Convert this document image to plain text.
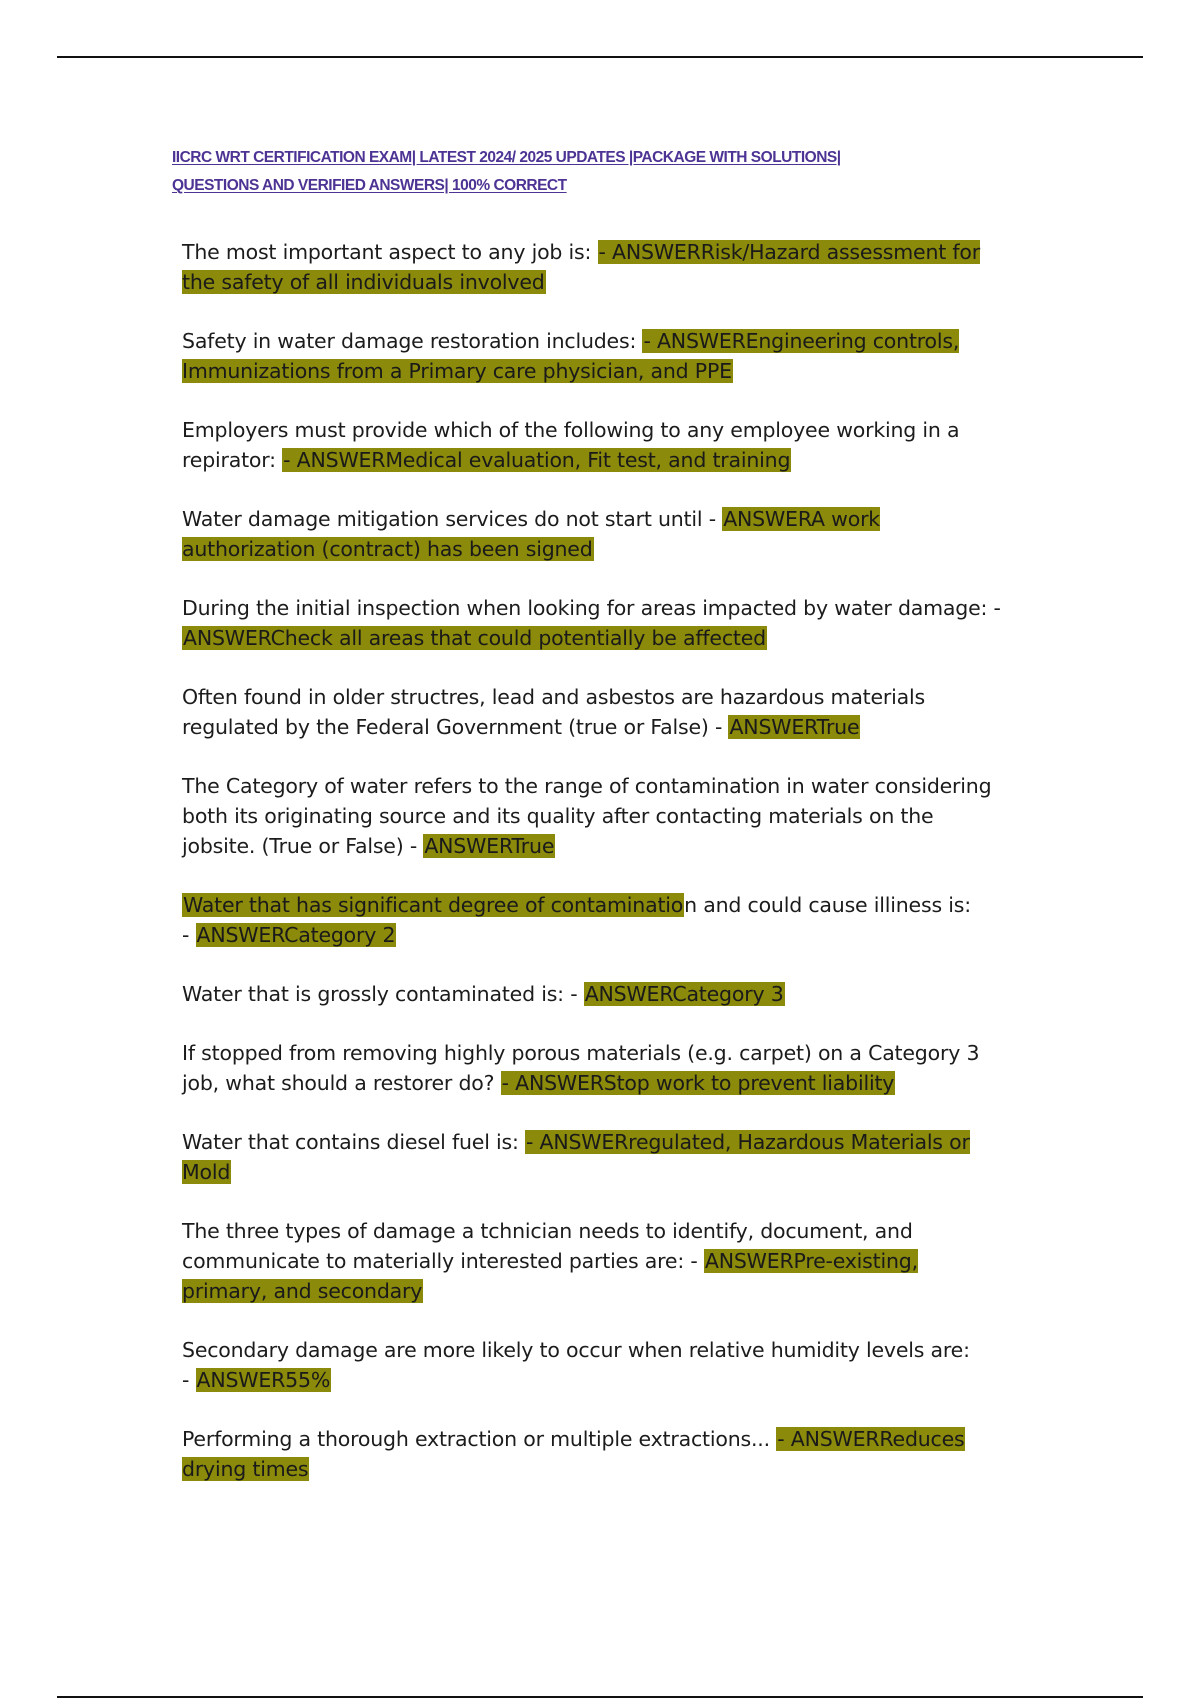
IICRC WRT CERTIFICATION EXAM| LATEST 2024/ 2025 UPDATES |PACKAGE WITH SOLUTIONS|
QUESTIONS AND VERIFIED ANSWERS| 100% CORRECT

The most important aspect to any job is: - ANSWERRisk/Hazard assessment for the safety of all individuals involved

Safety in water damage restoration includes: - ANSWEREngineering controls, Immunizations from a Primary care physician, and PPE

Employers must provide which of the following to any employee working in a repirator: - ANSWERMedical evaluation, Fit test, and training

Water damage mitigation services do not start until - ANSWERA work authorization (contract) has been signed

During the initial inspection when looking for areas impacted by water damage: - ANSWERCheck all areas that could potentially be affected

Often found in older structres, lead and asbestos are hazardous materials regulated by the Federal Government (true or False) - ANSWERTrue

The Category of water refers to the range of contamination in water considering both its originating source and its quality after contacting materials on the jobsite. (True or False) - ANSWERTrue

Water that has significant degree of contamination and could cause illiness is: - ANSWERCategory 2

Water that is grossly contaminated is: - ANSWERCategory 3

If stopped from removing highly porous materials (e.g. carpet) on a Category 3 job, what should a restorer do? - ANSWERStop work to prevent liability

Water that contains diesel fuel is: - ANSWERregulated, Hazardous Materials or Mold

The three types of damage a tchnician needs to identify, document, and communicate to materially interested parties are: - ANSWERPre-existing, primary, and secondary

Secondary damage are more likely to occur when relative humidity levels are: - ANSWER55%

Performing a thorough extraction or multiple extractions... - ANSWERReduces drying times
